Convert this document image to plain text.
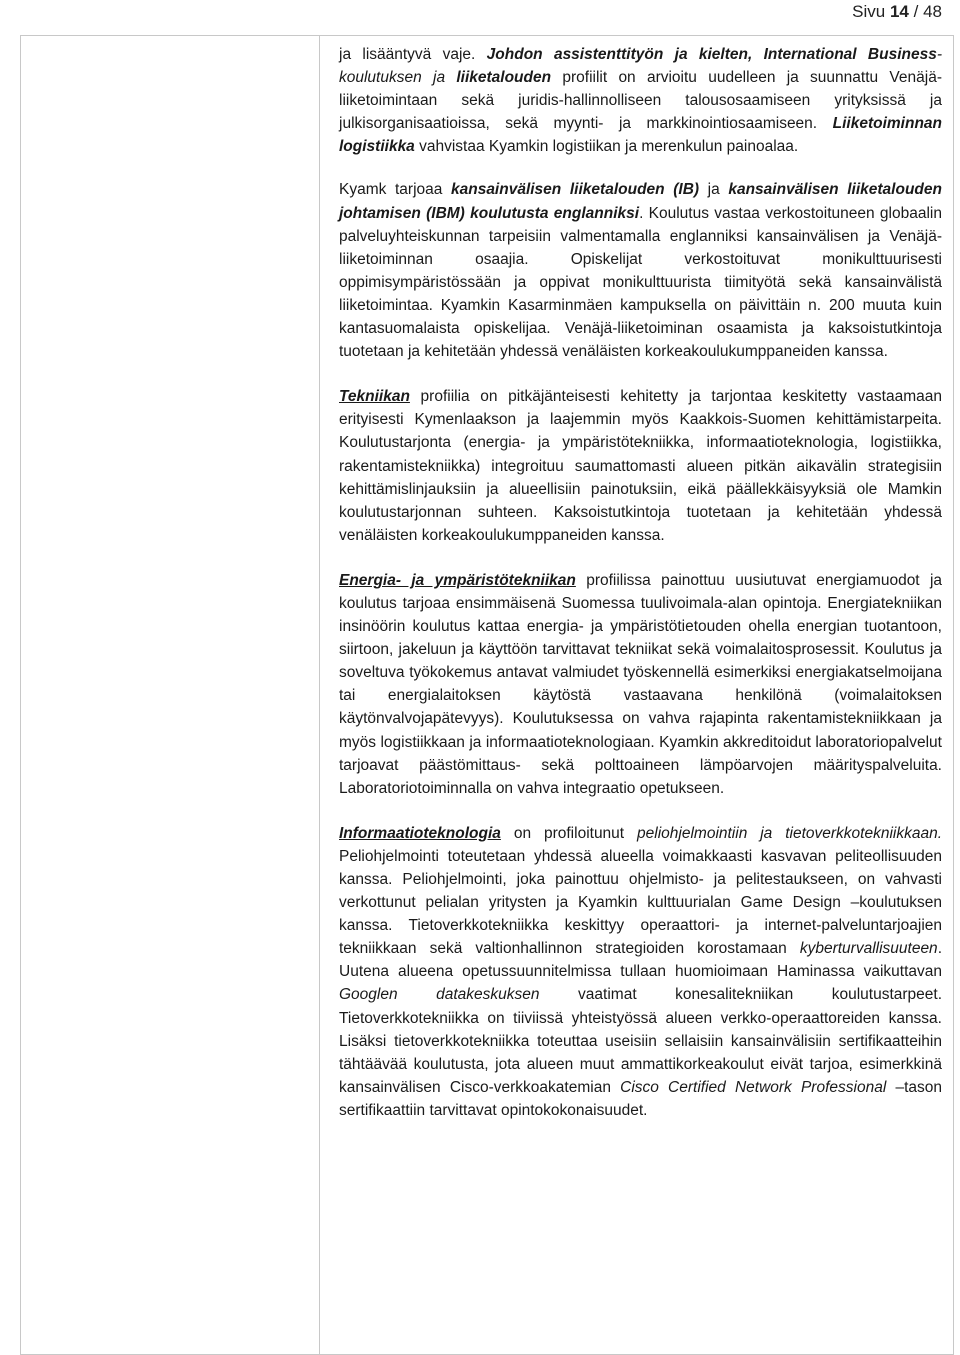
Sivu 14 / 48

ja lisääntyvä vaje. Johdon assistenttityön ja kielten, International Business-koulutuksen ja liiketalouden profiilit on arvioitu uudelleen ja suunnattu Venäjä-liiketoimintaan sekä juridis-hallinnolliseen talousosaamiseen yrityksissä ja julkisorganisaatioissa, sekä myynti- ja markkinointiosaamiseen. Liiketoiminnan logistiikka vahvistaa Kyamkin logistiikan ja merenkulun painoalaa.

Kyamk tarjoaa kansainvälisen liiketalouden (IB) ja kansainvälisen liiketalouden johtamisen (IBM) koulutusta englanniksi. Koulutus vastaa verkostoituneen globaalin palveluyhteiskunnan tarpeisiin valmentamalla englanniksi kansainvälisen ja Venäjä-liiketoiminnan osaajia. Opiskelijat verkostoituvat monikulttuurisesti oppimisympäristössään ja oppivat monikulttuurista tiimityötä sekä kansainvälistä liiketoimintaa. Kyamkin Kasarminmäen kampuksella on päivittäin n. 200 muuta kuin kantasuomalaista opiskelijaa. Venäjä-liiketoiminan osaamista ja kaksoistutkintoja tuotetaan ja kehitetään yhdessä venäläisten korkeakoulukumppaneiden kanssa.

Tekniikan profiilia on pitkäjänteisesti kehitetty ja tarjontaa keskitetty vastaamaan erityisesti Kymenlaakson ja laajemmin myös Kaakkois-Suomen kehittämistarpeita. Koulutustarjonta (energia- ja ympäristötekniikka, informaatioteknologia, logistiikka, rakentamistekniikka) integroituu saumattomasti alueen pitkän aikavälin strategisiin kehittämislinjauksiin ja alueellisiin painotuksiin, eikä päällekkäisyyksiä ole Mamkin koulutustarjonnan suhteen. Kaksoistutkintoja tuotetaan ja kehitetään yhdessä venäläisten korkeakoulukumppaneiden kanssa.

Energia- ja ympäristötekniikan profiilissa painottuu uusiutuvat energiamuodot ja koulutus tarjoaa ensimmäisenä Suomessa tuulivoimala-alan opintoja. Energiatekniikan insinöörin koulutus kattaa energia- ja ympäristötietouden ohella energian tuotantoon, siirtoon, jakeluun ja käyttöön tarvittavat tekniikat sekä voimalaitosprosessit. Koulutus ja soveltuva työkokemus antavat valmiudet työskennellä esimerkiksi energiakatselmoijana tai energialaitoksen käytöstä vastaavana henkilönä (voimalaitoksen käytönvalvojapätevyys). Koulutuksessa on vahva rajapinta rakentamistekniikkaan ja myös logistiikkaan ja informaatioteknologiaan. Kyamkin akkreditoidut laboratoriopalvelut tarjoavat päästömittaus- sekä polttoaineen lämpöarvojen määrityspalveluita. Laboratoriotoiminnalla on vahva integraatio opetukseen.

Informaatioteknologia on profiloitunut peliohjelmointiin ja tietoverkkotekniikkaan. Peliohjelmointi toteutetaan yhdessä alueella voimakkaasti kasvavan peliteollisuuden kanssa. Peliohjelmointi, joka painottuu ohjelmisto- ja pelitestaukseen, on vahvasti verkottunut pelialan yritysten ja Kyamkin kulttuurialan Game Design –koulutuksen kanssa. Tietoverkkotekniikka keskittyy operaattori- ja internet-palveluntarjoajien tekniikkaan sekä valtionhallinnon strategioiden korostamaan kyberturvallisuuteen. Uutena alueena opetussuunnitelmissa tullaan huomioimaan Haminassa vaikuttavan Googlen datakeskuksen vaatimat konesalitekniikan koulutustarpeet. Tietoverkkotekniikka on tiiviissä yhteistyössä alueen verkko-operaattoreiden kanssa. Lisäksi tietoverkkotekniikka toteuttaa useisiin sellaisiin kansainvälisiin sertifikaatteihin tähtäävää koulutusta, jota alueen muut ammattikorkeakoulut eivät tarjoa, esimerkkinä kansainvälisen Cisco-verkkoakatemian Cisco Certified Network Professional –tason sertifikaattiin tarvittavat opintokokonaisuudet.
